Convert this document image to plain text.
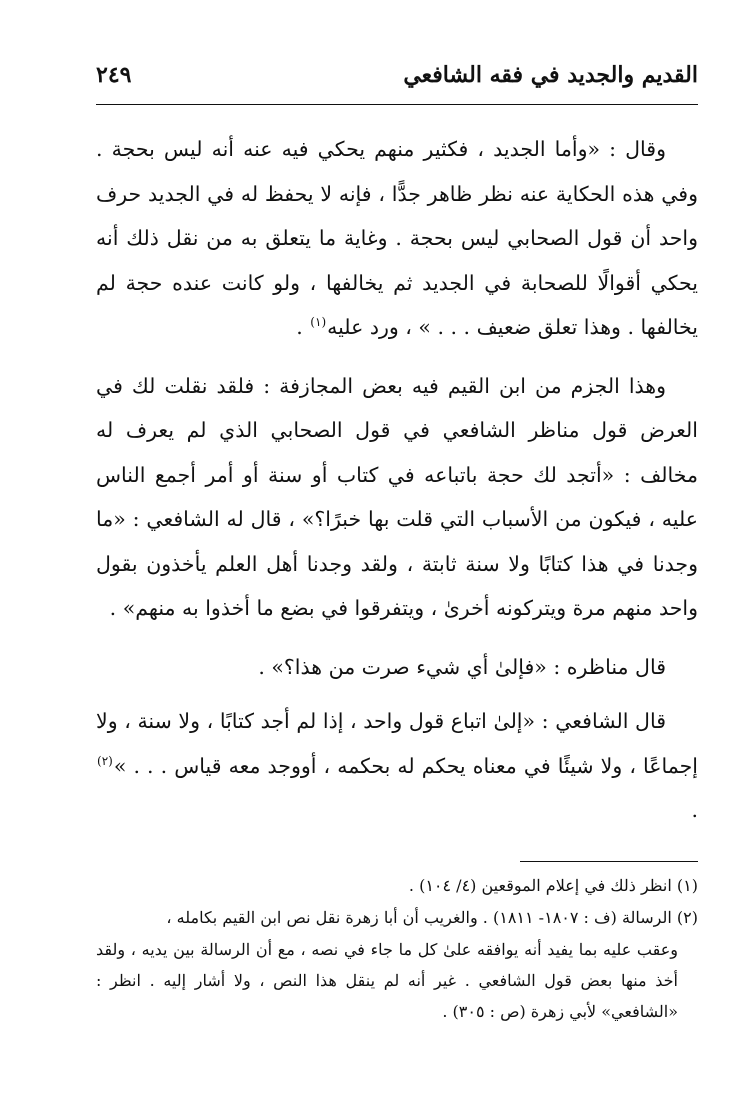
القديم والجديد في فقه الشافعي
٢٤٩

وقال : «وأما الجديد ، فكثير منهم يحكي فيه عنه أنه ليس بحجة . وفي هذه الحكاية عنه نظر ظاهر جدًّا ، فإنه لا يحفظ له في الجديد حرف واحد أن قول الصحابي ليس بحجة . وغاية ما يتعلق به من نقل ذلك أنه يحكي أقوالًا للصحابة في الجديد ثم يخالفها ، ولو كانت عنده حجة لم يخالفها . وهذا تعلق ضعيف . . . » ، ورد عليه$^{(١)}$ .

وهذا الجزم من ابن القيم فيه بعض المجازفة : فلقد نقلت لك في العرض قول مناظر الشافعي في قول الصحابي الذي لم يعرف له مخالف : «أتجد لك حجة باتباعه في كتاب أو سنة أو أمر أجمع الناس عليه ، فيكون من الأسباب التي قلت بها خبرًا؟» ، قال له الشافعي : «ما وجدنا في هذا كتابًا ولا سنة ثابتة ، ولقد وجدنا أهل العلم يأخذون بقول واحد منهم مرة ويتركونه أخرىٰ ، ويتفرقوا في بضع ما أخذوا به منهم» .

قال مناظره : «فإلىٰ أي شيء صرت من هذا؟» .

قال الشافعي : «إلىٰ اتباع قول واحد ، إذا لم أجد كتابًا ، ولا سنة ، ولا إجماعًا ، ولا شيئًا في معناه يحكم له بحكمه ، أووجد معه قياس . . . »$^{(٢)}$ .

(١) انظر ذلك في إعلام الموقعين (٤/ ١٠٤) .

(٢) الرسالة (ف : ١٨٠٧- ١٨١١) . والغريب أن أبا زهرة نقل نص ابن القيم بكامله ،

وعقب عليه بما يفيد أنه يوافقه علىٰ كل ما جاء في نصه ، مع أن الرسالة بين يديه ، ولقد أخذ منها بعض قول الشافعي . غير أنه لم ينقل هذا النص ، ولا أشار إليه . انظر : «الشافعي» لأبي زهرة (ص : ٣٠٥) .
